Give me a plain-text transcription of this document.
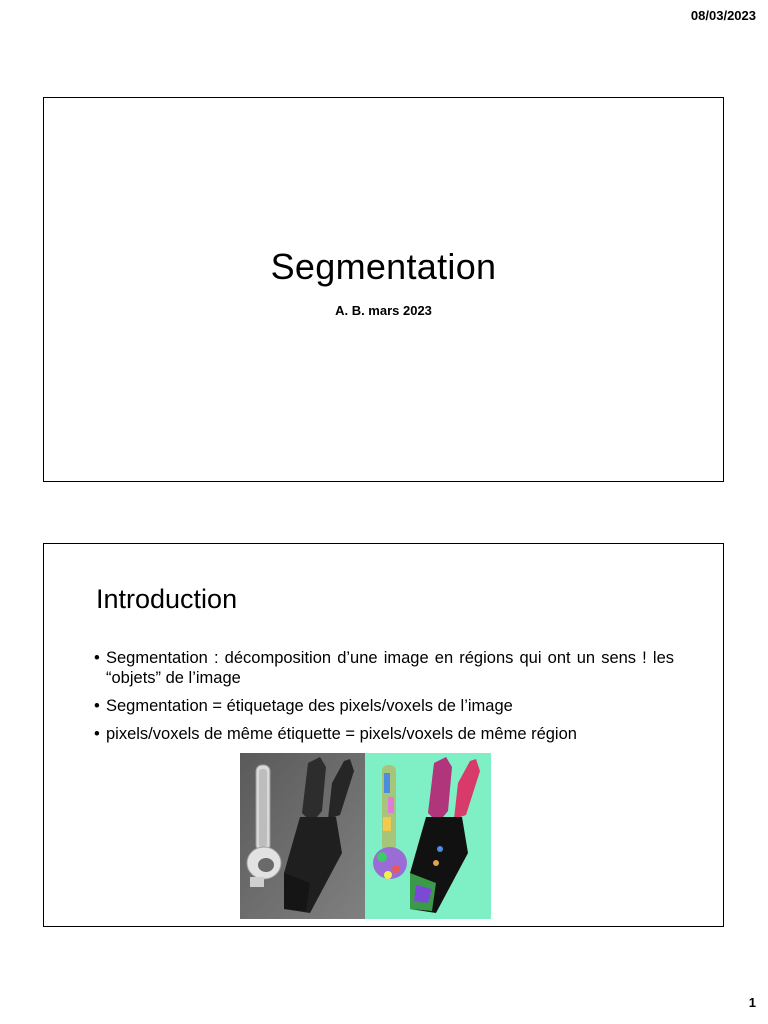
08/03/2023
Segmentation
A. B. mars 2023
Introduction
• Segmentation : décomposition d’une image en régions qui ont un sens ! les “objets” de l’image
• Segmentation = étiquetage des pixels/voxels de l’image
• pixels/voxels de même étiquette = pixels/voxels de même région
1
